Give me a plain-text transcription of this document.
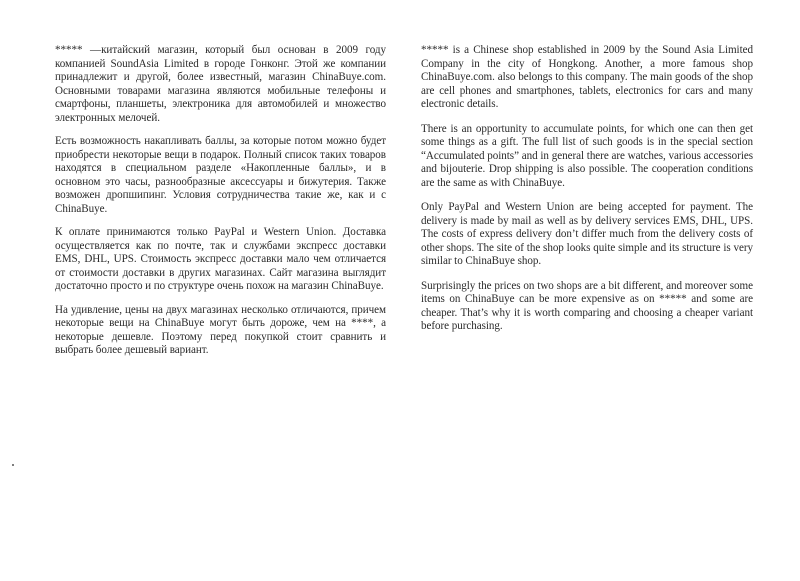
***** —китайский магазин, который был основан в 2009 году компанией SoundAsia Limited в городе Гонконг. Этой же компании принадлежит и другой, более известный, магазин ChinaBuye.com. Основными товарами магазина являются мобильные телефоны и смартфоны, планшеты, электроника для автомобилей и множество электронных мелочей.

Есть возможность накапливать баллы, за которые потом можно будет приобрести некоторые вещи в подарок. Полный список таких товаров находятся в специальном разделе «Накопленные баллы», и в основном это часы, разнообразные аксессуары и бижутерия. Также возможен дропшипинг. Условия сотрудничества такие же, как и с ChinaBuye.

К оплате принимаются только PayPal и Western Union. Доставка осуществляется как по почте, так и службами экспресс доставки EMS, DHL, UPS. Стоимость экспресс доставки мало чем отличается от стоимости доставки в других магазинах. Сайт магазина выглядит достаточно просто и по структуре очень похож на магазин ChinaBuye.

На удивление, цены на двух магазинах несколько отличаются, причем некоторые вещи на ChinaBuye могут быть дороже, чем на ****, а некоторые дешевле. Поэтому перед покупкой стоит сравнить и выбрать более дешевый вариант.

***** is a Chinese shop established in 2009 by the Sound Asia Limited Company in the city of Hongkong. Another, a more famous shop ChinaBuye.com. also belongs to this company. The main goods of the shop are cell phones and smartphones, tablets, electronics for cars and many electronic details.

There is an opportunity to accumulate points, for which one can then get some things as a gift. The full list of such goods is in the special section “Accumulated points” and in general there are watches, various accessories and bijouterie. Drop shipping is also possible. The cooperation conditions are the same as with ChinaBuye.

Only PayPal and Western Union are being accepted for payment. The delivery is made by mail as well as by delivery services EMS, DHL, UPS. The costs of express delivery don’t differ much from the delivery costs of other shops. The site of the shop looks quite simple and its structure is very similar to ChinaBuye shop.

Surprisingly the prices on two shops are a bit different, and moreover some items on ChinaBuye can be more expensive as on ***** and some are cheaper. That’s why it is worth comparing and choosing a cheaper variant before purchasing.
